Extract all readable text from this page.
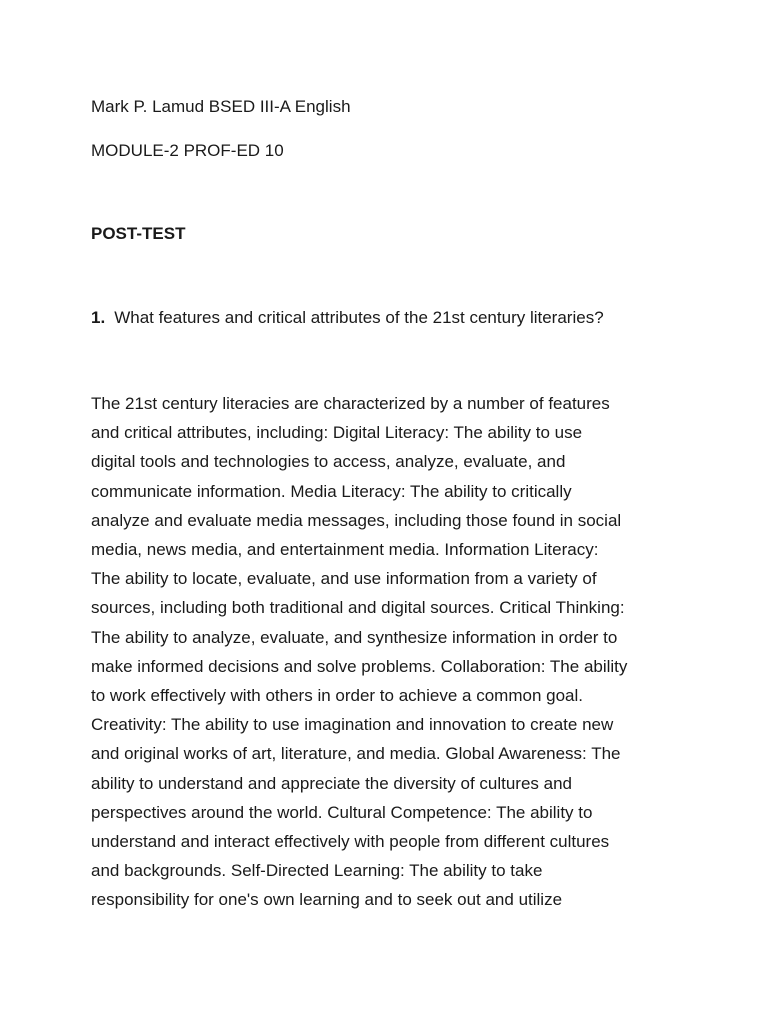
Mark P. Lamud BSED III-A English

MODULE-2 PROF-ED 10

POST-TEST

1. What features and critical attributes of the 21st century literaries?

The 21st century literacies are characterized by a number of features
and critical attributes, including: Digital Literacy: The ability to use
digital tools and technologies to access, analyze, evaluate, and
communicate information. Media Literacy: The ability to critically
analyze and evaluate media messages, including those found in social
media, news media, and entertainment media. Information Literacy:
The ability to locate, evaluate, and use information from a variety of
sources, including both traditional and digital sources. Critical Thinking:
The ability to analyze, evaluate, and synthesize information in order to
make informed decisions and solve problems. Collaboration: The ability
to work effectively with others in order to achieve a common goal.
Creativity: The ability to use imagination and innovation to create new
and original works of art, literature, and media. Global Awareness: The
ability to understand and appreciate the diversity of cultures and
perspectives around the world. Cultural Competence: The ability to
understand and interact effectively with people from different cultures
and backgrounds. Self-Directed Learning: The ability to take
responsibility for one's own learning and to seek out and utilize
